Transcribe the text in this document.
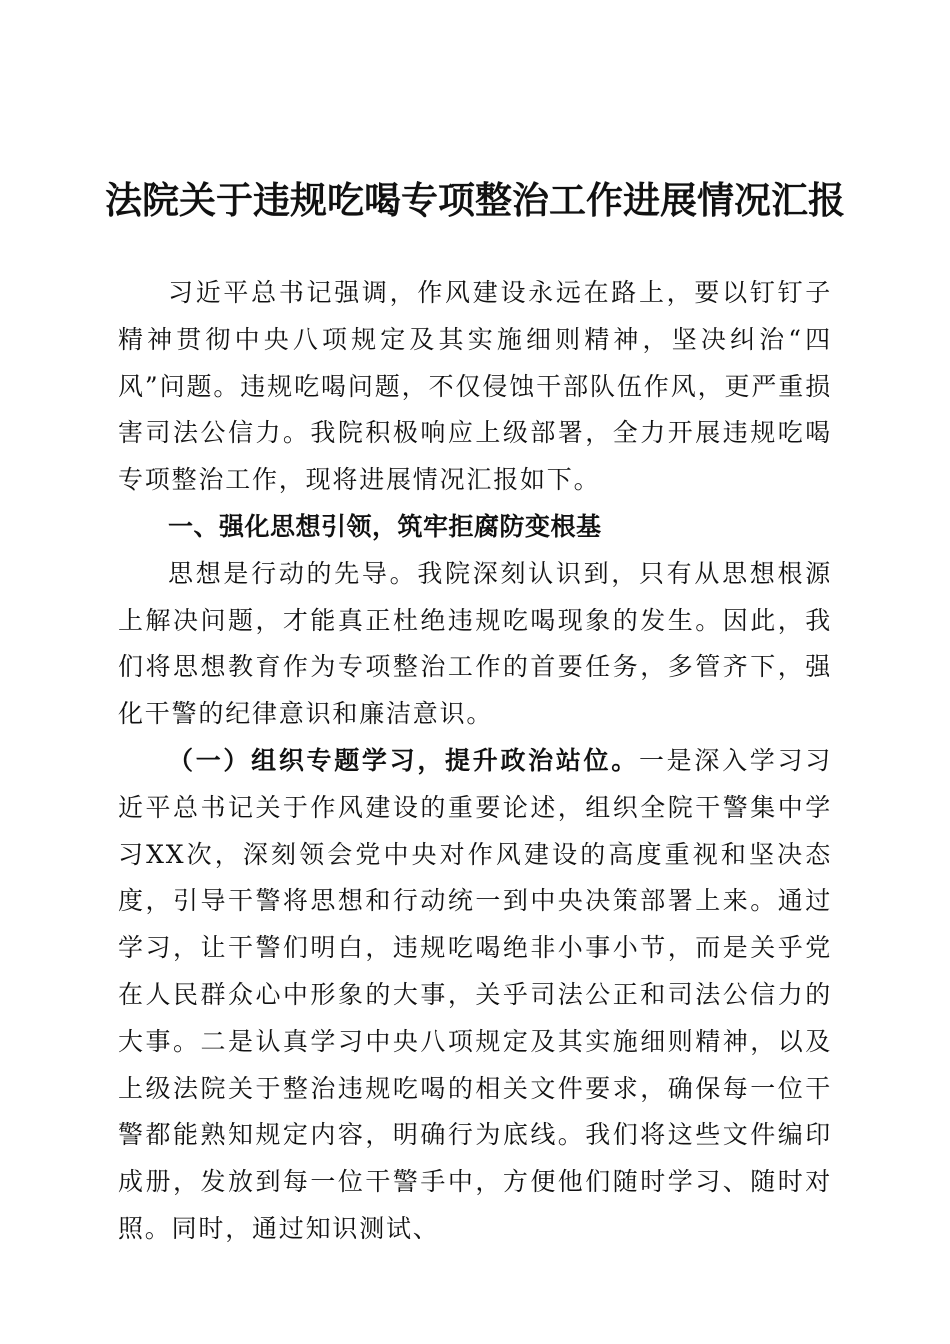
法院关于违规吃喝专项整治工作进展情况汇报

习近平总书记强调，作风建设永远在路上，要以钉钉子精神贯彻中央八项规定及其实施细则精神，坚决纠治“四风”问题。违规吃喝问题，不仅侵蚀干部队伍作风，更严重损害司法公信力。我院积极响应上级部署，全力开展违规吃喝专项整治工作，现将进展情况汇报如下。

一、强化思想引领，筑牢拒腐防变根基

思想是行动的先导。我院深刻认识到，只有从思想根源上解决问题，才能真正杜绝违规吃喝现象的发生。因此，我们将思想教育作为专项整治工作的首要任务，多管齐下，强化干警的纪律意识和廉洁意识。

（一）组织专题学习，提升政治站位。一是深入学习习近平总书记关于作风建设的重要论述，组织全院干警集中学习XX次，深刻领会党中央对作风建设的高度重视和坚决态度，引导干警将思想和行动统一到中央决策部署上来。通过学习，让干警们明白，违规吃喝绝非小事小节，而是关乎党在人民群众心中形象的大事，关乎司法公正和司法公信力的大事。二是认真学习中央八项规定及其实施细则精神，以及上级法院关于整治违规吃喝的相关文件要求，确保每一位干警都能熟知规定内容，明确行为底线。我们将这些文件编印成册，发放到每一位干警手中，方便他们随时学习、随时对照。同时，通过知识测试、
